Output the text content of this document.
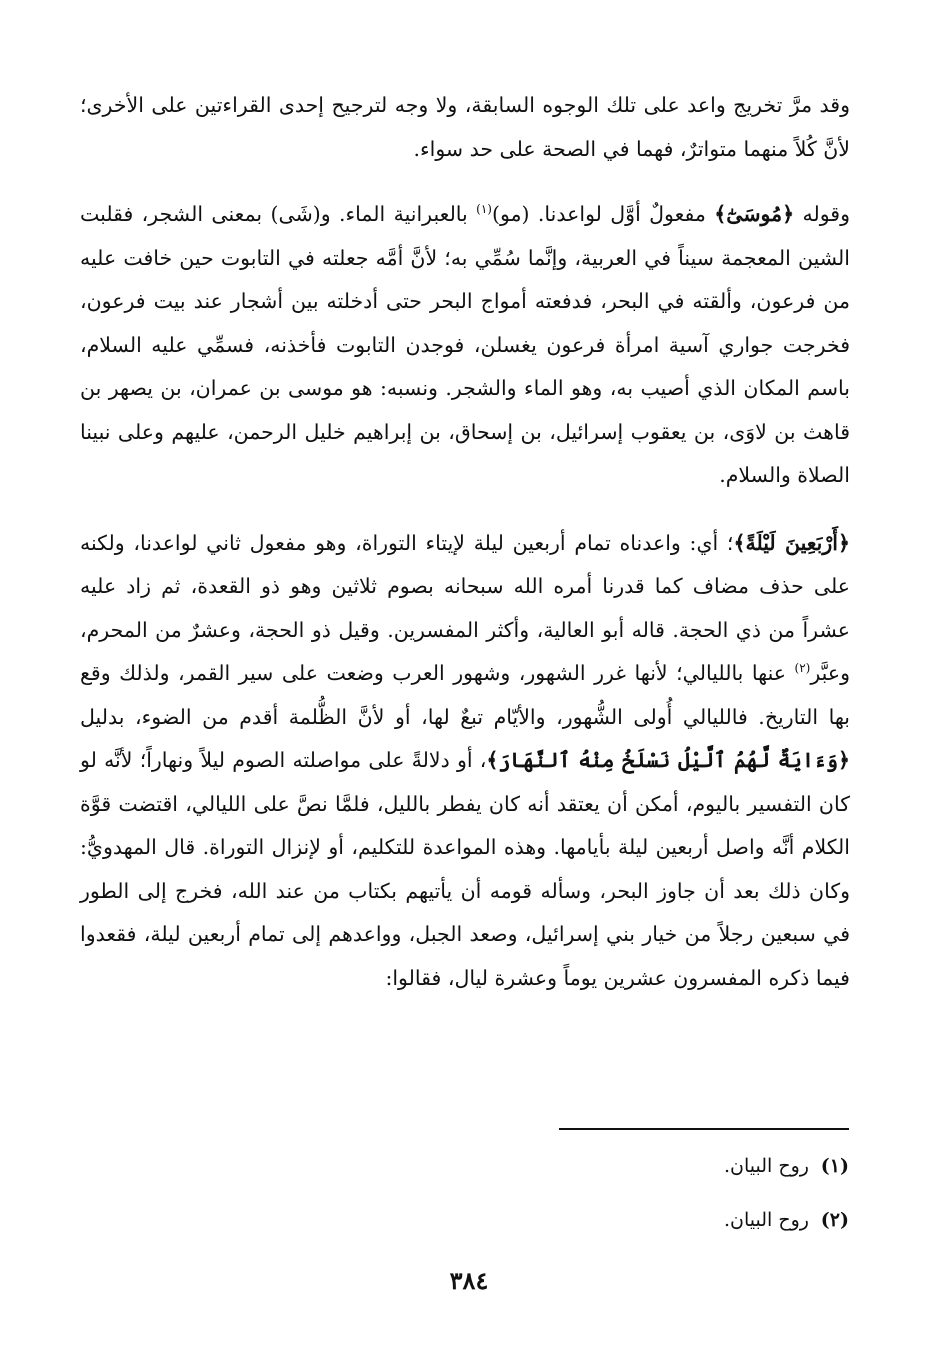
وقد مرَّ تخريج واعد على تلك الوجوه السابقة، ولا وجه لترجيح إحدى القراءتين على الأخرى؛ لأنَّ كُلاً منهما متواترٌ، فهما في الصحة على حد سواء.

وقوله ﴿مُوسَىٰٓ﴾ مفعولٌ أوَّل لواعدنا. (مو)$^{(١)}$ بالعبرانية الماء. و(شَى) بمعنى الشجر، فقلبت الشين المعجمة سيناً في العربية، وإنَّما سُمِّي به؛ لأنَّ أمَّه جعلته في التابوت حين خافت عليه من فرعون، وألقته في البحر، فدفعته أمواج البحر حتى أدخلته بين أشجار عند بيت فرعون، فخرجت جواري آسية امرأة فرعون يغسلن، فوجدن التابوت فأخذنه، فسمِّي عليه السلام، باسم المكان الذي أصيب به، وهو الماء والشجر. ونسبه: هو موسى بن عمران، بن يصهر بن قاهث بن لاوَى، بن يعقوب إسرائيل، بن إسحاق، بن إبراهيم خليل الرحمن، عليهم وعلى نبينا الصلاة والسلام.

﴿أَرْبَعِينَ لَيْلَةً﴾؛ أي: واعدناه تمام أربعين ليلة لإيتاء التوراة، وهو مفعول ثاني لواعدنا، ولكنه على حذف مضاف كما قدرنا أمره الله سبحانه بصوم ثلاثين وهو ذو القعدة، ثم زاد عليه عشراً من ذي الحجة. قاله أبو العالية، وأكثر المفسرين. وقيل ذو الحجة، وعشرٌ من المحرم، وعبَّر$^{(٢)}$ عنها بالليالي؛ لأنها غرر الشهور، وشهور العرب وضعت على سير القمر، ولذلك وقع بها التاريخ. فالليالي أُولى الشُّهور، والأيّام تبعٌ لها، أو لأنَّ الظُّلمة أقدم من الضوء، بدليل ﴿وَءَايَةٌ لَّهُمُ ٱلَّيْلُ نَسْلَخُ مِنْهُ ٱلنَّهَارَ﴾، أو دلالةً على مواصلته الصوم ليلاً ونهاراً؛ لأنَّه لو كان التفسير باليوم، أمكن أن يعتقد أنه كان يفطر بالليل، فلمَّا نصَّ على الليالي، اقتضت قوَّة الكلام أنَّه واصل أربعين ليلة بأيامها. وهذه المواعدة للتكليم، أو لإنزال التوراة. قال المهدويُّ: وكان ذلك بعد أن جاوز البحر، وسأله قومه أن يأتيهم بكتاب من عند الله، فخرج إلى الطور في سبعين رجلاً من خيار بني إسرائيل، وصعد الجبل، وواعدهم إلى تمام أربعين ليلة، فقعدوا فيما ذكره المفسرون عشرين يوماً وعشرة ليال، فقالوا:

(١)روح البيان.
(٢)روح البيان.
٣٨٤
